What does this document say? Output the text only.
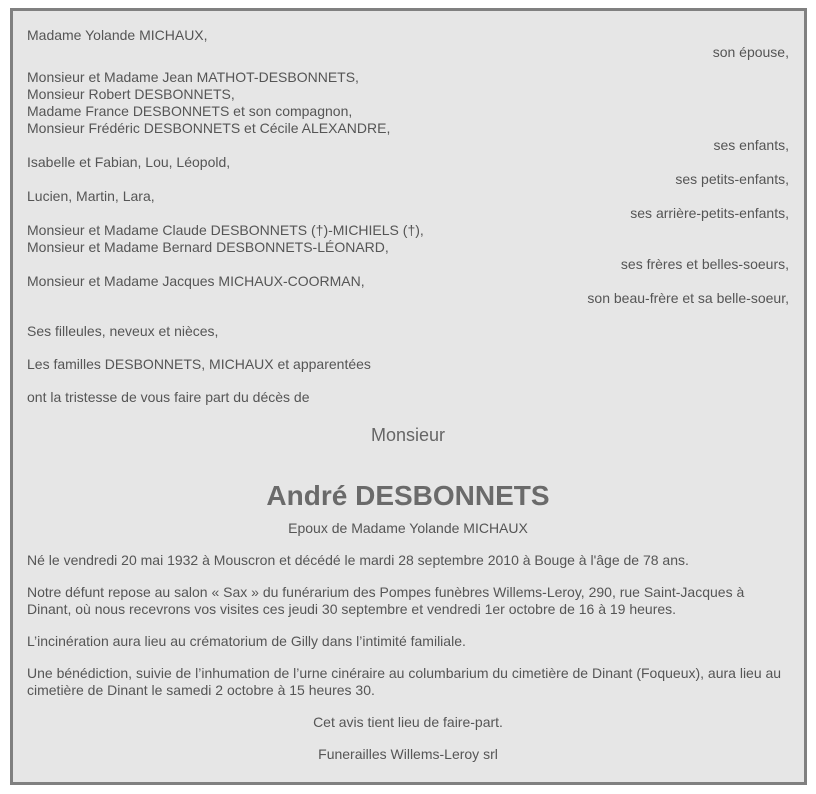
Madame Yolande MICHAUX,
son épouse,
Monsieur et Madame Jean MATHOT-DESBONNETS,
Monsieur Robert DESBONNETS,
Madame France DESBONNETS et son compagnon,
Monsieur Frédéric DESBONNETS et Cécile ALEXANDRE,
ses enfants,
Isabelle et Fabian, Lou, Léopold,
ses petits-enfants,
Lucien, Martin, Lara,
ses arrière-petits-enfants,
Monsieur et Madame Claude DESBONNETS (†)-MICHIELS (†),
Monsieur et Madame Bernard DESBONNETS-LÉONARD,
ses frères et belles-soeurs,
Monsieur et Madame Jacques MICHAUX-COORMAN,
son beau-frère et sa belle-soeur,
Ses filleules, neveux et nièces,
Les familles DESBONNETS, MICHAUX et apparentées
ont la tristesse de vous faire part du décès de
Monsieur
André DESBONNETS
Epoux de Madame Yolande MICHAUX
Né le vendredi 20 mai 1932 à Mouscron et décédé le mardi 28 septembre 2010 à Bouge à l'âge de 78 ans.
Notre défunt repose au salon « Sax » du funérarium des Pompes funèbres Willems-Leroy, 290, rue Saint-Jacques à Dinant, où nous recevrons vos visites ces jeudi 30 septembre et vendredi 1er octobre de 16 à 19 heures.
L’incinération aura lieu au crématorium de Gilly dans l’intimité familiale.
Une bénédiction, suivie de l’inhumation de l’urne cinéraire au columbarium du cimetière de Dinant (Foqueux), aura lieu au cimetière de Dinant le samedi 2 octobre à 15 heures 30.
Cet avis tient lieu de faire-part.
Funerailles Willems-Leroy srl
